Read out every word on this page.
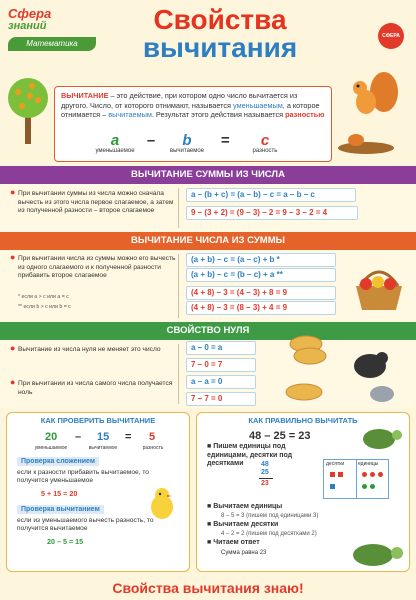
Сфера
знаний
Математика
Свойства
вычитания	СФЕРА
ВЫЧИТАНИЕ – это действие, при котором одно число вычитается из другого. Число, от которого отнимают, называется уменьшаемым, а которое отнимается – вычитаемым. Результат этого действия называется разностью
a
уменьшаемое
–	b
вычитаемое
=	c
разность
ВЫЧИТАНИЕ СУММЫ ИЗ ЧИСЛА
● При вычитании суммы из числа можно сначала вычесть из этого числа первое слагаемое, а затем из полученной разности – второе слагаемое
a – (b + c) = (a – b) – c = a – b – c
9 – (3 + 2) = (9 – 3) – 2 = 9 – 3 – 2 = 4
ВЫЧИТАНИЕ ЧИСЛА ИЗ СУММЫ
● При вычитании числа из суммы можно его вычесть из одного слагаемого и к полученной разности прибавить второе слагаемое
* если a > c или a = c
** если b > c или b = c
(a + b) – c = (a – c) + b *
(a + b) – c = (b – c) + a **
(4 + 8) – 3 = (4 – 3) + 8 = 9
(4 + 8) – 3 = (8 – 3) + 4 = 9
СВОЙСТВО НУЛЯ
● Вычитание из числа нуля не меняет это число
● При вычитании из числа самого числа получается ноль
a – 0 = a
7 – 0 = 7
a – a = 0
7 – 7 = 0
КАК ПРОВЕРИТЬ ВЫЧИТАНИЕ
20 – 15 = 5
уменьшаемое	вычитаемое	разность
Проверка сложением
если к разности прибавить вычитаемое, то получится уменьшаемое
5 + 15 = 20
Проверка вычитанием
если из уменьшаемого вычесть разность, то получится вычитаемое
20 – 5 = 15
КАК ПРАВИЛЬНО ВЫЧИТАТЬ
48 – 25 = 23
■ Пишем единицы под единицами, десятки под десятками	48
25
23
десятки	единицы
■ Вычитаем единицы
8 – 5 = 3 (пишем под единицами 3)
■ Вычитаем десятки
4 – 2 = 2 (пишем под десятками 2)
■ Читаем ответ
Сумма равна 23
Свойства вычитания знаю!
